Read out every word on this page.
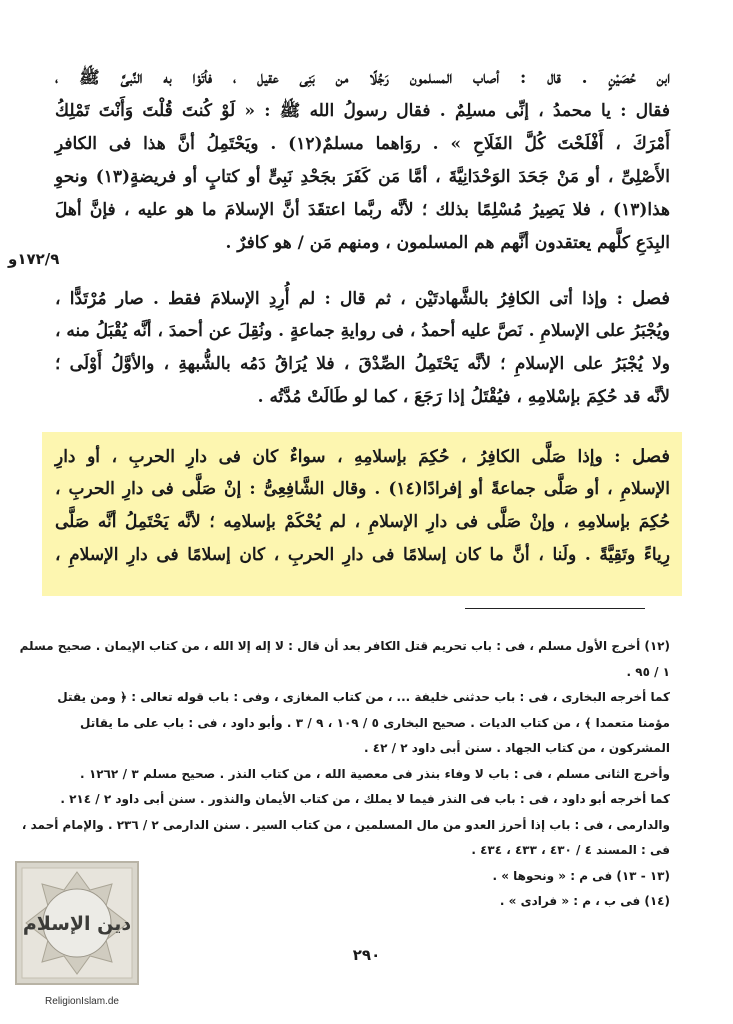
١٧٢/٩و
ابن حُصَيْنٍ . قال : أصاب المسلمون رَجُلًا من بَنِى عقيل ، فأتَوْا به النَّبىَّ ﷺ ،
فقال : يا محمدُ ، إنِّى مسلِمٌ . فقال رسولُ الله ﷺ : « لَوْ كُنتَ قُلْتَ وَأَنْتَ تَمْلِكُ
أَمْرَكَ ، أَفْلَحْتَ كُلَّ الفَلَاحِ » . روَاهما مسلمٌ(١٢) . ويَحْتَمِلُ أنَّ هذا فى الكافرِ
الأَصْلِىِّ ، أو مَنْ جَحَدَ الوَحْدَانِيَّةَ ، أمَّا مَن كَفَرَ بجَحْدِ نَبِىٍّ أو كتابٍ أو فريضةٍ(١٣) ونحوِ
هذا(١٣) ، فلا يَصِيرُ مُسْلِمًا بذلك ؛ لأنَّه ربَّما اعتقَدَ أنَّ الإسلامَ ما هو عليه ، فإنَّ أهلَ
البِدَعِ كلَّهم يعتقدون أنَّهم هم المسلمون ، ومنهم مَن / هو كافرٌ .
فصل : وإذا أتى الكافِرُ بالشَّهادتَيْن ، ثم قال : لم أُرِدِ الإسلامَ فقط . صار مُرْتَدًّا ،
ويُجْبَرُ على الإسلامِ . نَصَّ عليه أحمدُ ، فى روايةِ جماعةٍ . ونُقِلَ عن أحمدَ ، أنَّه يُقْبَلُ منه ،
ولا يُجْبَرُ على الإسلامِ ؛ لأنَّه يَحْتَمِلُ الصِّدْقَ ، فلا يُرَاقُ دَمُه بالشُّبهةِ ، والأوَّلُ أَوْلَى ؛
لأنَّه قد حُكِمَ بإسْلامِهِ ، فيُقْتَلُ إذا رَجَعَ ، كما لو طَالَتْ مُدَّتُه .
فصل : وإذا صَلَّى الكافِرُ ، حُكِمَ بإسلامِهِ ، سواءٌ كان فى دارِ الحربِ ، أو دارِ
الإسلامِ ، أو صَلَّى جماعةً أو إفرادًا(١٤) . وقال الشَّافِعِىُّ : إنْ صَلَّى فى دارِ الحربِ ،
حُكِمَ بإسلامِهِ ، وإنْ صَلَّى فى دارِ الإسلامِ ، لم يُحْكَمْ بإسلامِه ؛ لأنَّه يَحْتَمِلُ أنَّه صَلَّى
رِياءً وتَقِيَّةً . ولَنا ، أنَّ ما كان إسلامًا فى دارِ الحربِ ، كان إسلامًا فى دارِ الإسلامِ ،
(١٢) أخرج الأول مسلم ، فى : باب تحريم قتل الكافر بعد أن قال : لا إله إلا الله ، من كتاب الإيمان . صحيح مسلم
١ / ٩٥ .
كما أخرجه البخارى ، فى : باب حدثنى خليفة ... ، من كتاب المغازى ، وفى : باب قوله تعالى : ﴿ ومن يقتل
مؤمنا متعمدا ﴾ ، من كتاب الديات . صحيح البخارى ٥ / ١٠٩ ، ٩ / ٣ . وأبو داود ، فى : باب على ما يقاتل
المشركون ، من كتاب الجهاد . سنن أبى داود ٢ / ٤٢ .
وأخرج الثانى مسلم ، فى : باب لا وفاء بنذر فى معصية الله ، من كتاب النذر . صحيح مسلم ٣ / ١٢٦٢ .
كما أخرجه أبو داود ، فى : باب فى النذر فيما لا يملك ، من كتاب الأيمان والنذور . سنن أبى داود ٢ / ٢١٤ .
والدارمى ، فى : باب إذا أحرز العدو من مال المسلمين ، من كتاب السير . سنن الدارمى ٢ / ٢٣٦ . والإمام أحمد ،
فى : المسند ٤ / ٤٣٠ ، ٤٣٣ ، ٤٣٤ .
(١٣ - ١٣) فى م : « ونحوها » .
(١٤) فى ب ، م : « فرادى » .
٢٩٠
دين الإسلام
ReligionIslam.de
